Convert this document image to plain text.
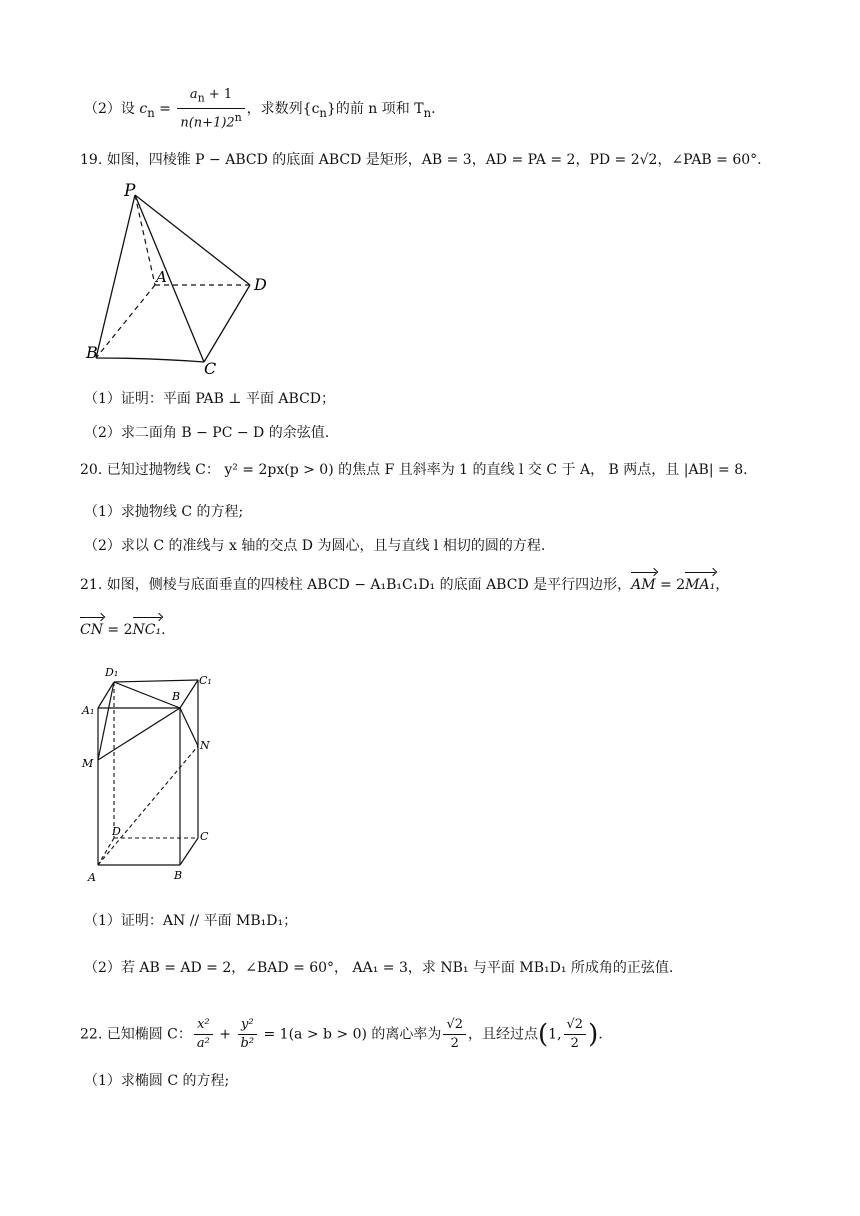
（2）设 $c_n = \frac{a_n + 1}{n(n+1)2^n}$ ，求数列$\{c_n\}$的前 n 项和 $T_n$.
19. 如图，四棱锥 P − ABCD 的底面 ABCD 是矩形，AB = 3，AD = PA = 2，PD = 2√2，∠PAB = 60°.
P
A	D
B
C
（1）证明：平面 PAB ⊥ 平面 ABCD；
（2）求二面角 B − PC − D 的余弦值.
20. 已知过抛物线 C： y² = 2px(p > 0) 的焦点 F 且斜率为 1 的直线 l 交 C 于 A， B 两点，且 |AB| = 8.
（1）求抛物线 C 的方程;
（2）求以 C 的准线与 x 轴的交点 D 为圆心，且与直线 l 相切的圆的方程.
21. 如图，侧棱与底面垂直的四棱柱 ABCD − A₁B₁C₁D₁ 的底面 ABCD 是平行四边形，AM = 2MA₁，
CN = 2NC₁.
D₁
C₁
B
A₁
N
M
D	C
A	B
（1）证明：AN // 平面 MB₁D₁；
（2）若 AB = AD = 2，∠BAD = 60°， AA₁ = 3，求 NB₁ 与平面 MB₁D₁ 所成角的正弦值.
22. 已知椭圆 C： $\frac{\text{x²}}{\text{a²}} + \frac{\text{y²}}{\text{b²}} = 1(a > b > 0)$ 的离心率为 $\frac{√2}{2}$ ，且经过点(1, $\frac{√2}{2}$ ).
（1）求椭圆 C 的方程;
